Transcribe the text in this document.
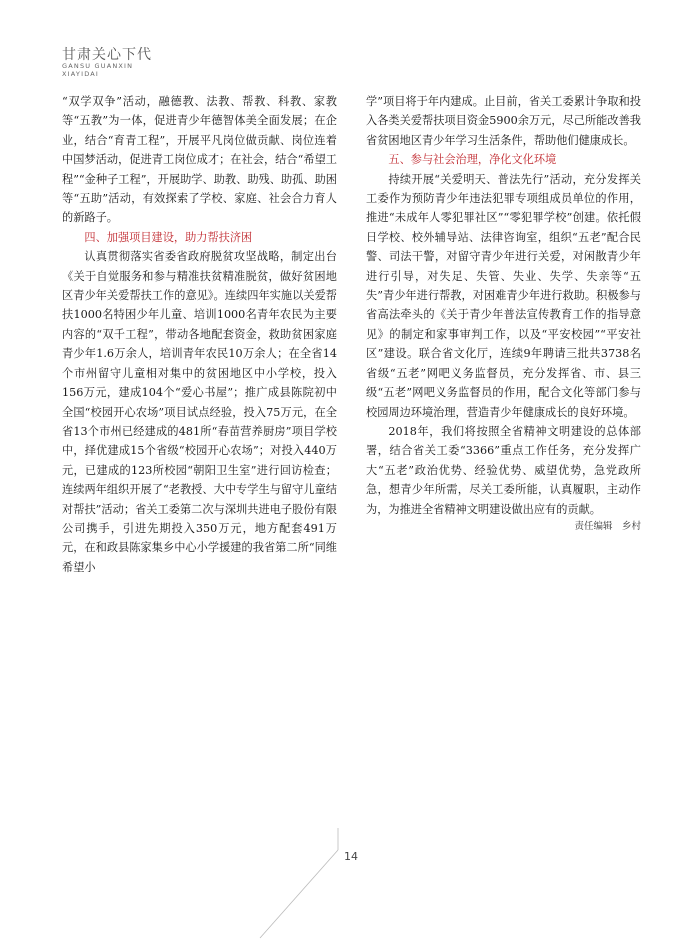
甘肃关心下代
GANSU GUANXIN
XIAYIDAI

“双学双争”活动，融德教、法教、帮教、科教、家教等“五教”为一体，促进青少年德智体美全面发展；在企业，结合“育青工程”，开展平凡岗位做贡献、岗位连着中国梦活动，促进青工岗位成才；在社会，结合“希望工程”“金种子工程”，开展助学、助教、助残、助孤、助困等“五助”活动，有效探索了学校、家庭、社会合力育人的新路子。

四、加强项目建设，助力帮扶济困

认真贯彻落实省委省政府脱贫攻坚战略，制定出台《关于自觉服务和参与精准扶贫精准脱贫，做好贫困地区青少年关爱帮扶工作的意见》。连续四年实施以关爱帮扶1000名特困少年儿童、培训1000名青年农民为主要内容的“双千工程”，带动各地配套资金，救助贫困家庭青少年1.6万余人，培训青年农民10万余人；在全省14个市州留守儿童相对集中的贫困地区中小学校，投入156万元，建成104个“爱心书屋”；推广成县陈院初中全国“校园开心农场”项目试点经验，投入75万元，在全省13个市州已经建成的481所“春苗营养厨房”项目学校中，择优建成15个省级“校园开心农场”；对投入440万元，已建成的123所校园“朝阳卫生室”进行回访检查；连续两年组织开展了“老教授、大中专学生与留守儿童结对帮扶”活动；省关工委第二次与深圳共进电子股份有限公司携手，引进先期投入350万元，地方配套491万元，在和政县陈家集乡中心小学援建的我省第二所“同维希望小

学”项目将于年内建成。止目前，省关工委累计争取和投入各类关爱帮扶项目资金5900余万元，尽己所能改善我省贫困地区青少年学习生活条件，帮助他们健康成长。

五、参与社会治理，净化文化环境

持续开展“关爱明天、普法先行”活动，充分发挥关工委作为预防青少年违法犯罪专项组成员单位的作用，推进“未成年人零犯罪社区”“零犯罪学校”创建。依托假日学校、校外辅导站、法律咨询室，组织“五老”配合民警、司法干警，对留守青少年进行关爱，对闲散青少年进行引导，对失足、失管、失业、失学、失亲等“五失”青少年进行帮教，对困难青少年进行救助。积极参与省高法牵头的《关于青少年普法宣传教育工作的指导意见》的制定和家事审判工作，以及“平安校园”“平安社区”建设。联合省文化厅，连续9年聘请三批共3738名省级“五老”网吧义务监督员，充分发挥省、市、县三级“五老”网吧义务监督员的作用，配合文化等部门参与校园周边环境治理，营造青少年健康成长的良好环境。

2018年，我们将按照全省精神文明建设的总体部署，结合省关工委“3366”重点工作任务，充分发挥广大“五老”政治优势、经验优势、威望优势，急党政所急，想青少年所需，尽关工委所能，认真履职，主动作为，为推进全省精神文明建设做出应有的贡献。

责任编辑　乡村
14
